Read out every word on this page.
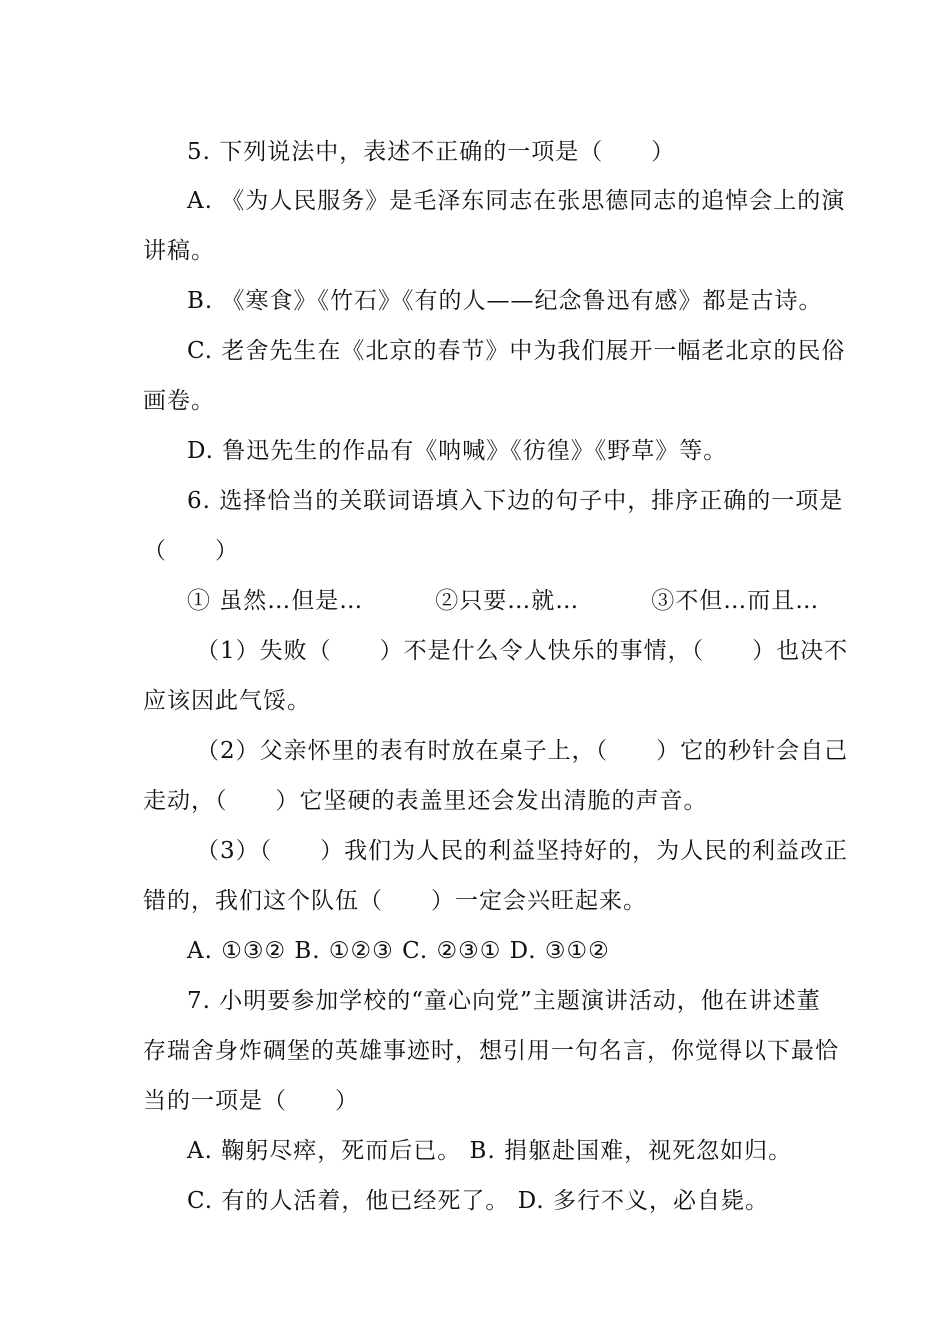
5. 下列说法中，表述不正确的一项是（　　）
A. 《为人民服务》是毛泽东同志在张思德同志的追悼会上的演
讲稿。
B. 《寒食》《竹石》《有的人——纪念鲁迅有感》都是古诗。
C. 老舍先生在《北京的春节》中为我们展开一幅老北京的民俗
画卷。
D. 鲁迅先生的作品有《呐喊》《彷徨》《野草》等。
6. 选择恰当的关联词语填入下边的句子中，排序正确的一项是
（　　）
① 虽然…但是…　　　②只要…就…　　　③不但…而且…
（1）失败（　　）不是什么令人快乐的事情，（　　）也决不
应该因此气馁。
（2）父亲怀里的表有时放在桌子上，（　　）它的秒针会自己
走动，（　　）它坚硬的表盖里还会发出清脆的声音。
（3）（　　）我们为人民的利益坚持好的，为人民的利益改正
错的，我们这个队伍（　　）一定会兴旺起来。
A. ①③② B. ①②③ C. ②③① D. ③①②
7. 小明要参加学校的“童心向党”主题演讲活动，他在讲述董
存瑞舍身炸碉堡的英雄事迹时，想引用一句名言，你觉得以下最恰
当的一项是（　　）
A. 鞠躬尽瘁，死而后已。 B. 捐躯赴国难，视死忽如归。
C. 有的人活着，他已经死了。 D. 多行不义，必自毙。
